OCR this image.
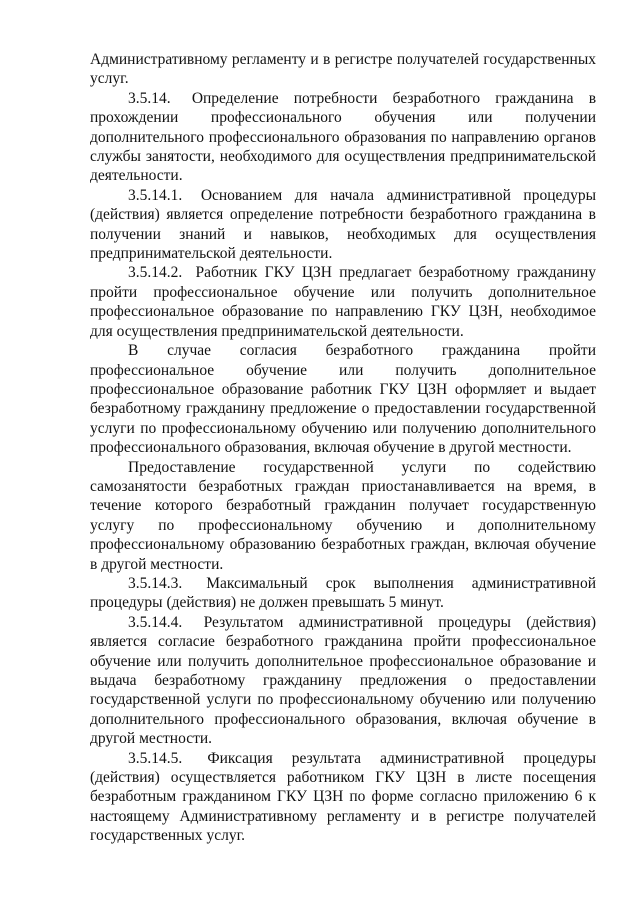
Административному регламенту и в регистре получателей государственных услуг.

3.5.14. Определение потребности безработного гражданина в прохождении профессионального обучения или получении дополнительного профессионального образования по направлению органов службы занятости, необходимого для осуществления предпринимательской деятельности.

3.5.14.1. Основанием для начала административной процедуры (действия) является определение потребности безработного гражданина в получении знаний и навыков, необходимых для осуществления предпринимательской деятельности.

3.5.14.2. Работник ГКУ ЦЗН предлагает безработному гражданину пройти профессиональное обучение или получить дополнительное профессиональное образование по направлению ГКУ ЦЗН, необходимое для осуществления предпринимательской деятельности.

В случае согласия безработного гражданина пройти профессиональное обучение или получить дополнительное профессиональное образование работник ГКУ ЦЗН оформляет и выдает безработному гражданину предложение о предоставлении государственной услуги по профессиональному обучению или получению дополнительного профессионального образования, включая обучение в другой местности.

Предоставление государственной услуги по содействию самозанятости безработных граждан приостанавливается на время, в течение которого безработный гражданин получает государственную услугу по профессиональному обучению и дополнительному профессиональному образованию безработных граждан, включая обучение в другой местности.

3.5.14.3. Максимальный срок выполнения административной процедуры (действия) не должен превышать 5 минут.

3.5.14.4. Результатом административной процедуры (действия) является согласие безработного гражданина пройти профессиональное обучение или получить дополнительное профессиональное образование и выдача безработному гражданину предложения о предоставлении государственной услуги по профессиональному обучению или получению дополнительного профессионального образования, включая обучение в другой местности.

3.5.14.5. Фиксация результата административной процедуры (действия) осуществляется работником ГКУ ЦЗН в листе посещения безработным гражданином ГКУ ЦЗН по форме согласно приложению 6 к настоящему Административному регламенту и в регистре получателей государственных услуг.
